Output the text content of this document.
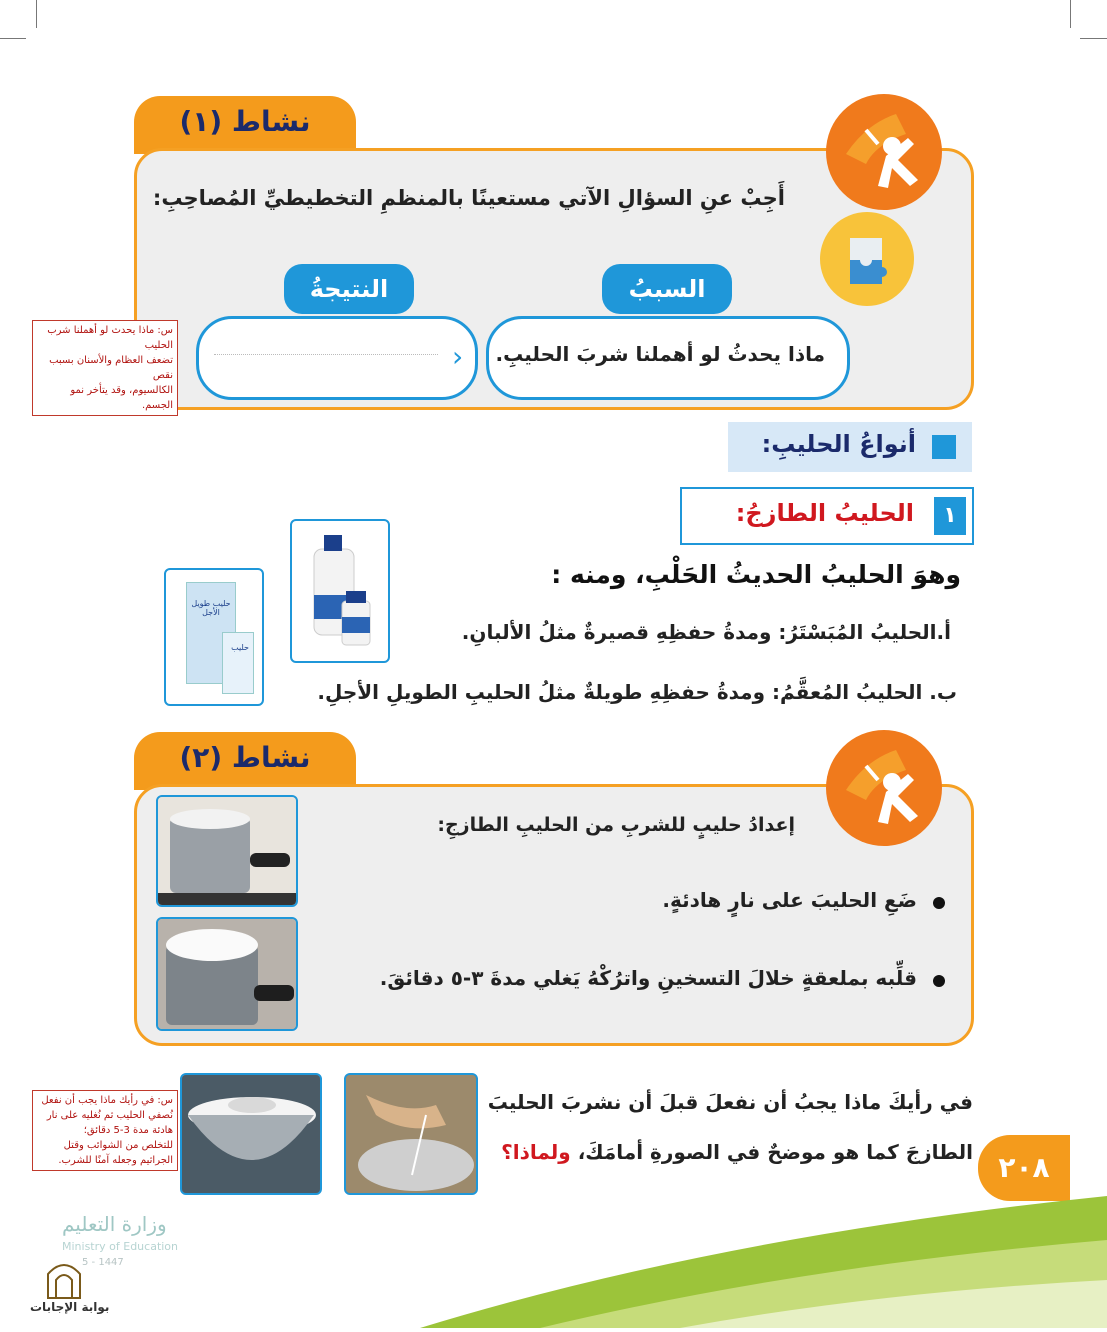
نشاط (١)
أَجِبْ عنِ السؤالِ الآتي مستعينًا بالمنظمِ التخطيطيِّ المُصاحِبِ:
السببُ
النتيجةُ
ماذا يحدثُ لو أهملنا شربَ الحليبِ.
‹
س: ماذا يحدث لو أهملنا شرب
الحليب
تضعف العظام والأسنان بسبب نقص
الكالسيوم، وقد يتأخر نمو الجسم.
أنواعُ الحليبِ:
١
الحليبُ الطازجُ:
وهوَ الحليبُ الحديثُ الحَلْبِ، ومنه :
أ.الحليبُ المُبَسْتَرُ: ومدةُ حفظِهِ قصيرةٌ مثلُ الألبانِ.
ب. الحليبُ المُعقَّمُ: ومدةُ حفظِهِ طويلةٌ مثلُ الحليبِ الطويلِ الأجلِ.
حليب طويل الأجل
حليب
نشاط (٢)
إعدادُ حليبٍ للشربِ من الحليبِ الطازجِ:
ضَعِ الحليبَ على نارٍ هادئةٍ.
قلِّبه بملعقةٍ خلالَ التسخينِ واترُكْهُ يَغلي مدةَ ٣-٥ دقائقَ.
في رأيكَ ماذا يجبُ أن نفعلَ قبلَ أن نشربَ الحليبَ
الطازجَ كما هو موضحٌ في الصورةِ أمامَكَ، ولماذا؟
س: في رأيك ماذا يجب أن نفعل
نُصفي الحليب ثم نُغليه على نار
هادئة مدة 3-5 دقائق؛
للتخلص من الشوائب وقتل
الجراثيم وجعله آمنًا للشرب.	٢٠٨
وزارة التعليم
Ministry of Education
5 - 1447
بوابة الإجابات
